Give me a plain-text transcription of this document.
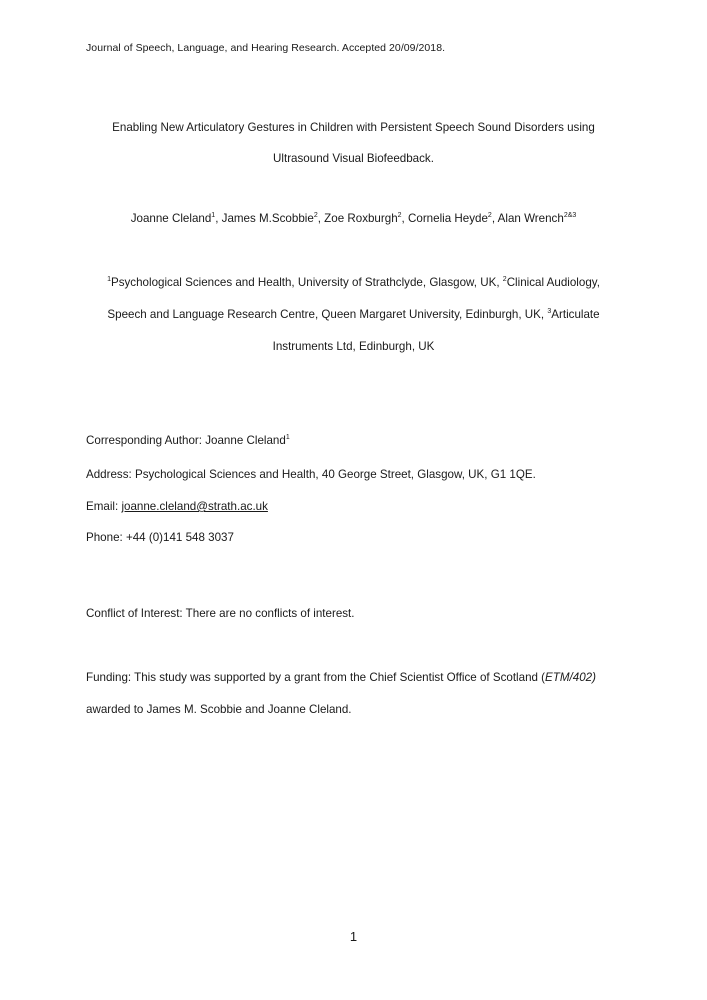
Journal of Speech, Language, and Hearing Research. Accepted 20/09/2018.
Enabling New Articulatory Gestures in Children with Persistent Speech Sound Disorders using
Ultrasound Visual Biofeedback.
Joanne Cleland$^1$, James M.Scobbie$^2$, Zoe Roxburgh$^2$, Cornelia Heyde$^2$, Alan Wrench$^{2\&3}$
$^1$Psychological Sciences and Health, University of Strathclyde, Glasgow, UK, $^2$Clinical Audiology,
Speech and Language Research Centre, Queen Margaret University, Edinburgh, UK, $^3$Articulate
Instruments Ltd, Edinburgh, UK
Corresponding Author: Joanne Cleland$^1$
Address: Psychological Sciences and Health, 40 George Street, Glasgow, UK, G1 1QE.
Email: joanne.cleland@strath.ac.uk
Phone: +44 (0)141 548 3037
Conflict of Interest: There are no conflicts of interest.
Funding: This study was supported by a grant from the Chief Scientist Office of Scotland (ETM/402)
awarded to James M. Scobbie and Joanne Cleland.
1
